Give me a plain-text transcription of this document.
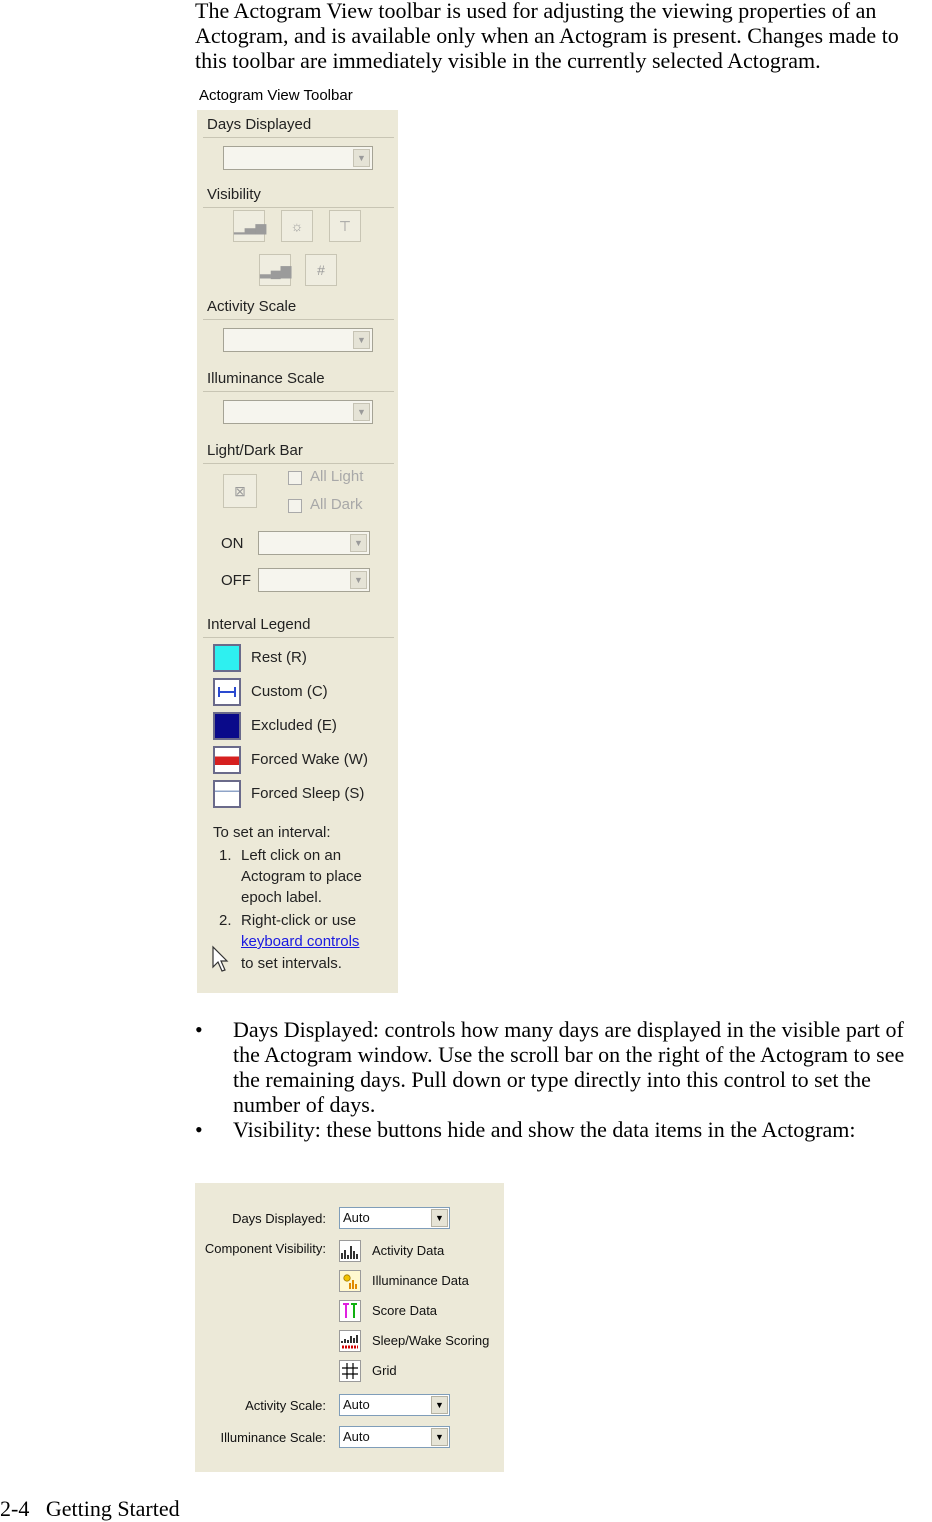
The Actogram View toolbar is used for adjusting the viewing properties of an Actogram, and is available only when an Actogram is present. Changes made to this toolbar are immediately visible in the currently selected Actogram.

Actogram View Toolbar
Days Displayed
▼
Visibility
▁▃▅	☼	⊤
▂▄▆	#
Activity Scale
▼
Illuminance Scale
▼
Light/Dark Bar
⊠
All Light
All Dark
ON	▼
OFF	▼
Interval Legend
Rest (R)
Custom (C)
Excluded (E)
Forced Wake (W)
Forced Sleep (S)
To set an interval:
1. Left click on an
Actogram to place
epoch label.
2. Right-click or use
keyboard controls
to set intervals.
• Days Displayed: controls how many days are displayed in the visible part of the Actogram window. Use the scroll bar on the right of the Actogram to see the remaining days. Pull down or type directly into this control to set the number of days.
• Visibility: these buttons hide and show the data items in the Actogram:
Days Displayed: Auto	▼
Component Visibility:	Activity Data
Illuminance Data
Score Data
Sleep/Wake Scoring
Grid
Activity Scale: Auto	▼
Illuminance Scale: Auto	▼
2-4   Getting Started
